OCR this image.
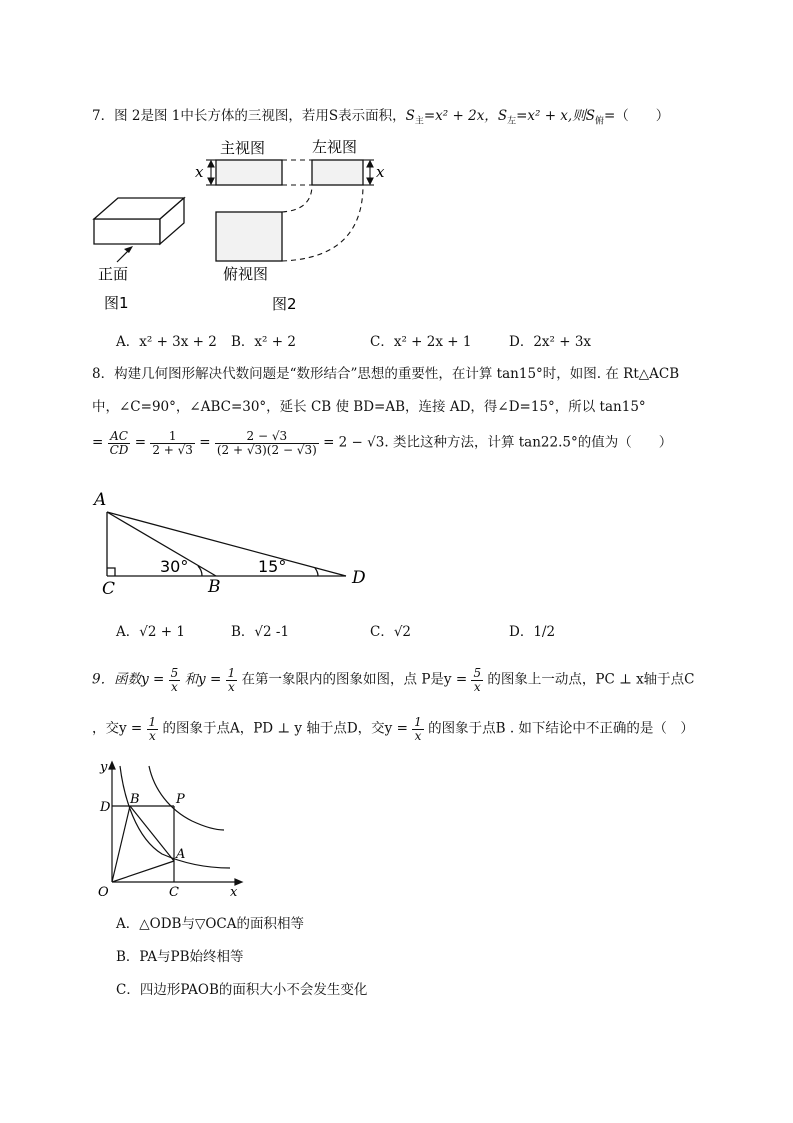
7．图 2是图 1中长方体的三视图，若用S表示面积，$S_主=x^2 + 2x$，$S_左=x^2 + x$,则$S_俯=$（　　）
正面
图1
主视图	左视图
x	x
俯视图
图2
A．x² + 3x + 2 B．x² + 2	C．x² + 2x + 1	D．2x² + 3x
8．构建几何图形解决代数问题是“数形结合”思想的重要性，在计算 tan15°时，如图. 在 Rt△ACB
中，∠C=90°，∠ABC=30°，延长 CB 使 BD=AB，连接 AD，得∠D=15°，所以 tan15°
= $\frac{AC}{CD} = \frac{1}{2 + √3} = \frac{2 - √3}{(2 + √3)(2 - √3)} = 2 - √3$. 类比这种方法，计算 tan22.5°的值为（　　）
A
C	B	D
30°	15°
A．√2 + 1	B．√2 -1	C．√2	D．1/2
9．函数$y = \frac{5}{x}$ 和$y = \frac{1}{x}$ 在第一象限内的图象如图，点 P是$y = \frac{5}{x}$ 的图象上一动点，PC ⊥ x轴于点C
，交$y = \frac{1}{x}$ 的图象于点A，PD ⊥ y 轴于点D，交$y = \frac{1}{x}$ 的图象于点B . 如下结论中不正确的是（　）
y
x
O
B	P
D
A
C
A．△ODB与▽OCA的面积相等
B．PA与PB始终相等
C．四边形PAOB的面积大小不会发生变化
